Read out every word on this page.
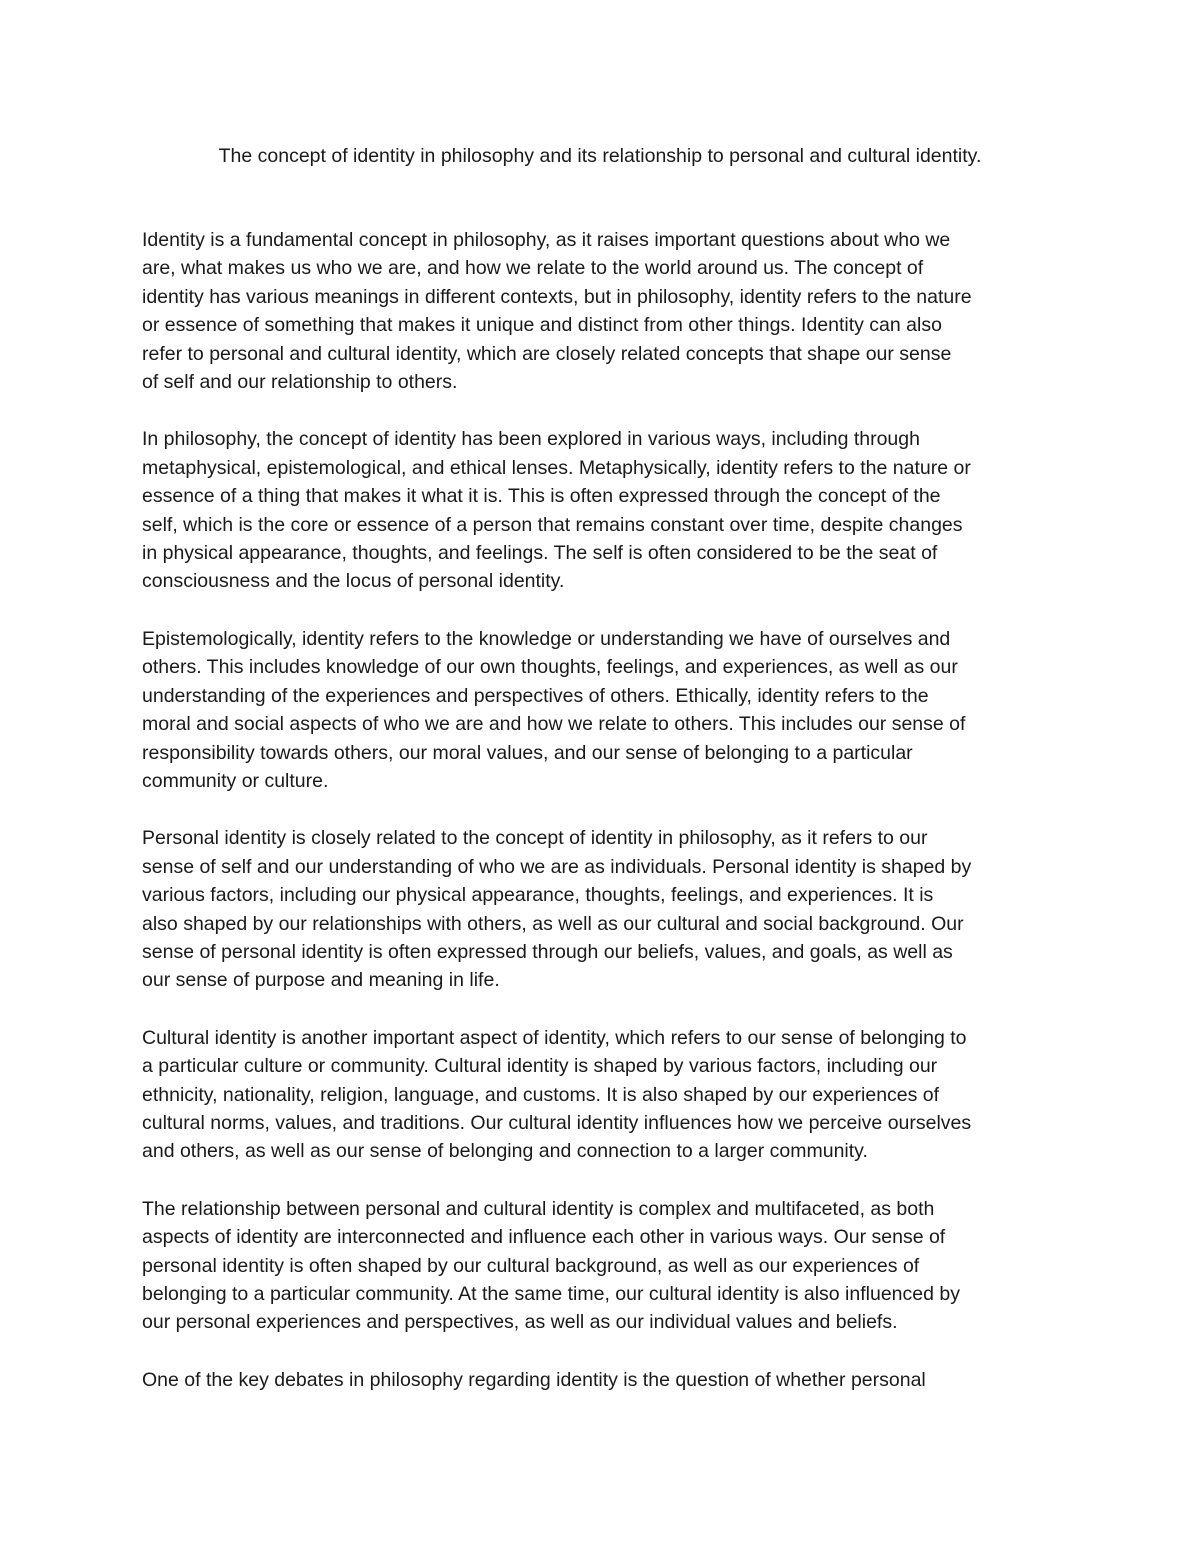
The concept of identity in philosophy and its relationship to personal and cultural identity.

Identity is a fundamental concept in philosophy, as it raises important questions about who we
are, what makes us who we are, and how we relate to the world around us. The concept of
identity has various meanings in different contexts, but in philosophy, identity refers to the nature
or essence of something that makes it unique and distinct from other things. Identity can also
refer to personal and cultural identity, which are closely related concepts that shape our sense
of self and our relationship to others.

In philosophy, the concept of identity has been explored in various ways, including through
metaphysical, epistemological, and ethical lenses. Metaphysically, identity refers to the nature or
essence of a thing that makes it what it is. This is often expressed through the concept of the
self, which is the core or essence of a person that remains constant over time, despite changes
in physical appearance, thoughts, and feelings. The self is often considered to be the seat of
consciousness and the locus of personal identity.

Epistemologically, identity refers to the knowledge or understanding we have of ourselves and
others. This includes knowledge of our own thoughts, feelings, and experiences, as well as our
understanding of the experiences and perspectives of others. Ethically, identity refers to the
moral and social aspects of who we are and how we relate to others. This includes our sense of
responsibility towards others, our moral values, and our sense of belonging to a particular
community or culture.

Personal identity is closely related to the concept of identity in philosophy, as it refers to our
sense of self and our understanding of who we are as individuals. Personal identity is shaped by
various factors, including our physical appearance, thoughts, feelings, and experiences. It is
also shaped by our relationships with others, as well as our cultural and social background. Our
sense of personal identity is often expressed through our beliefs, values, and goals, as well as
our sense of purpose and meaning in life.

Cultural identity is another important aspect of identity, which refers to our sense of belonging to
a particular culture or community. Cultural identity is shaped by various factors, including our
ethnicity, nationality, religion, language, and customs. It is also shaped by our experiences of
cultural norms, values, and traditions. Our cultural identity influences how we perceive ourselves
and others, as well as our sense of belonging and connection to a larger community.

The relationship between personal and cultural identity is complex and multifaceted, as both
aspects of identity are interconnected and influence each other in various ways. Our sense of
personal identity is often shaped by our cultural background, as well as our experiences of
belonging to a particular community. At the same time, our cultural identity is also influenced by
our personal experiences and perspectives, as well as our individual values and beliefs.

One of the key debates in philosophy regarding identity is the question of whether personal
